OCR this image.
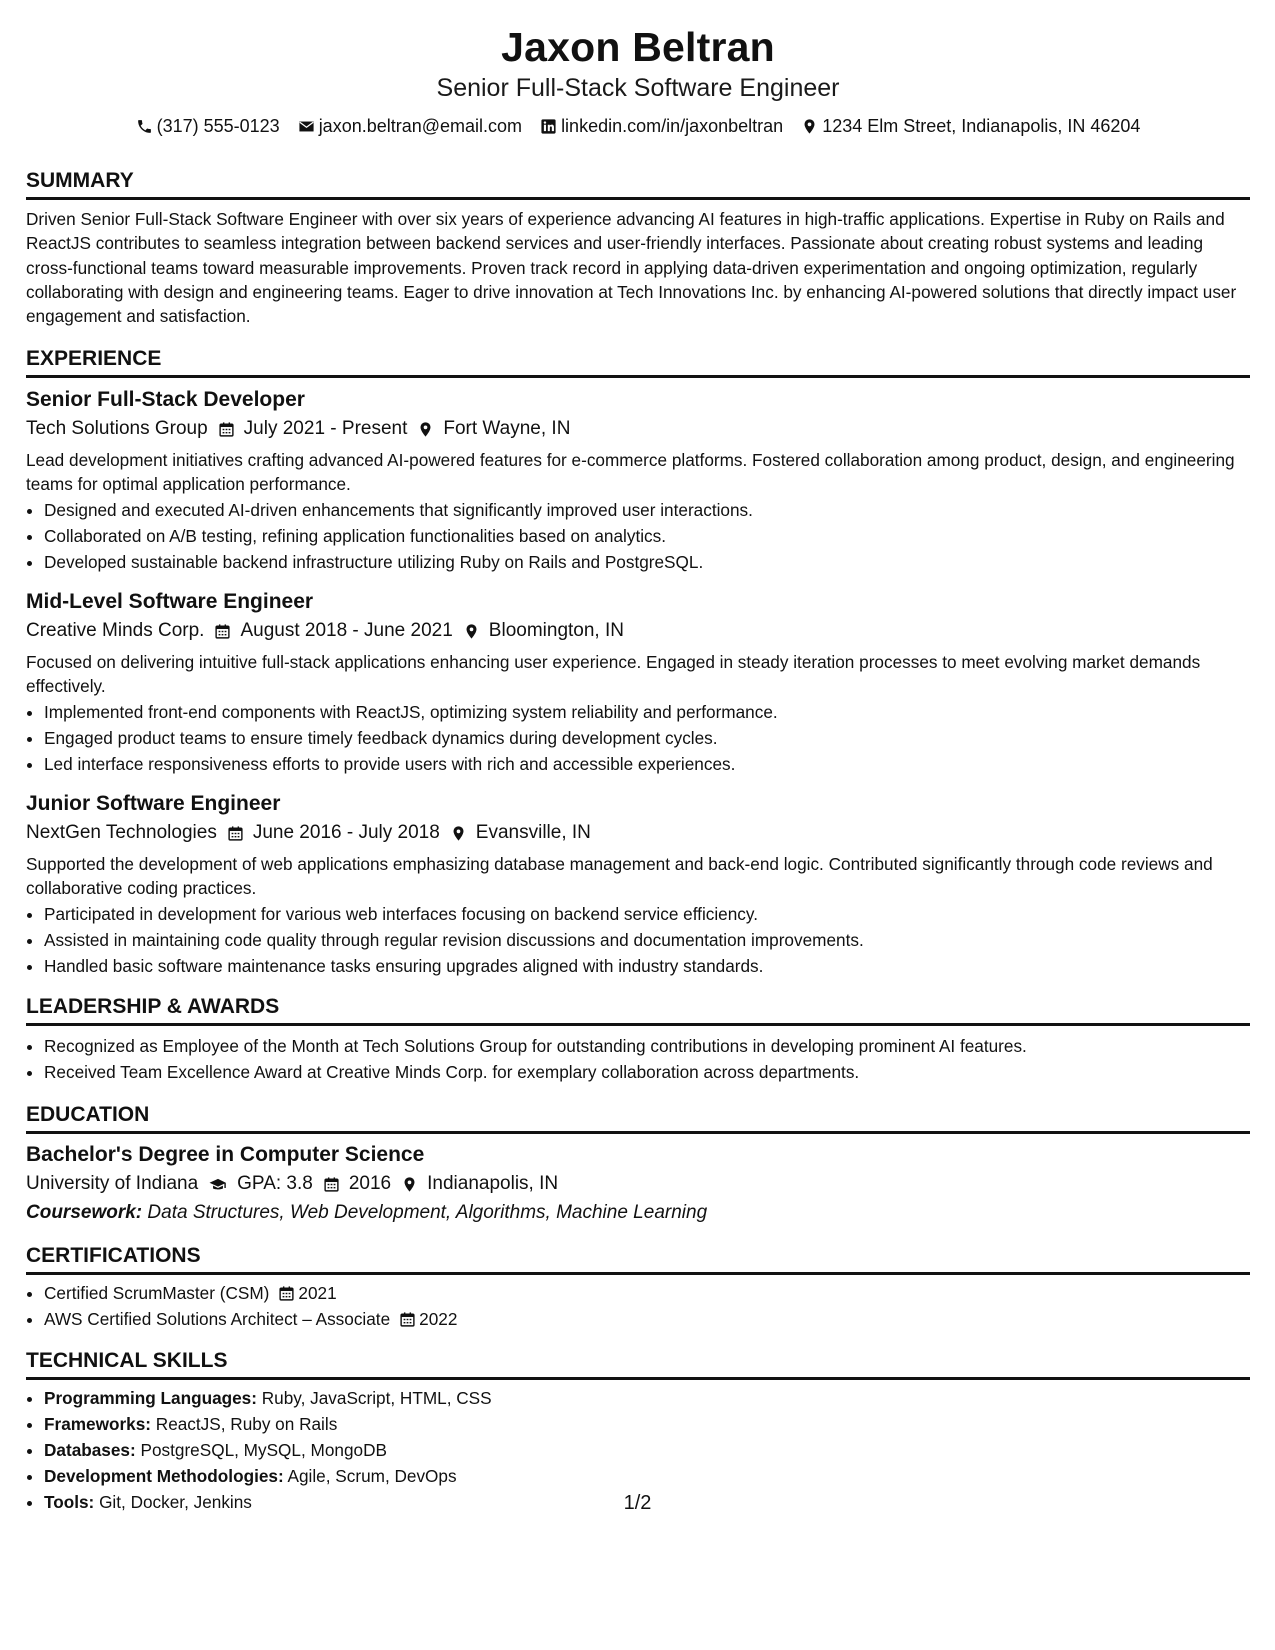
Jaxon Beltran
Senior Full-Stack Software Engineer
(317) 555-0123 jaxon.beltran@email.com linkedin.com/in/jaxonbeltran 1234 Elm Street, Indianapolis, IN 46204
SUMMARY
Driven Senior Full-Stack Software Engineer with over six years of experience advancing AI features in high-traffic applications. Expertise in Ruby on Rails and ReactJS contributes to seamless integration between backend services and user-friendly interfaces. Passionate about creating robust systems and leading cross-functional teams toward measurable improvements. Proven track record in applying data-driven experimentation and ongoing optimization, regularly collaborating with design and engineering teams. Eager to drive innovation at Tech Innovations Inc. by enhancing AI-powered solutions that directly impact user engagement and satisfaction.
EXPERIENCE
Senior Full-Stack Developer
Tech Solutions Group July 2021 - Present Fort Wayne, IN
Lead development initiatives crafting advanced AI-powered features for e-commerce platforms. Fostered collaboration among product, design, and engineering teams for optimal application performance.
• Designed and executed AI-driven enhancements that significantly improved user interactions.
• Collaborated on A/B testing, refining application functionalities based on analytics.
• Developed sustainable backend infrastructure utilizing Ruby on Rails and PostgreSQL.
Mid-Level Software Engineer
Creative Minds Corp. August 2018 - June 2021 Bloomington, IN
Focused on delivering intuitive full-stack applications enhancing user experience. Engaged in steady iteration processes to meet evolving market demands effectively.
• Implemented front-end components with ReactJS, optimizing system reliability and performance.
• Engaged product teams to ensure timely feedback dynamics during development cycles.
• Led interface responsiveness efforts to provide users with rich and accessible experiences.
Junior Software Engineer
NextGen Technologies June 2016 - July 2018 Evansville, IN
Supported the development of web applications emphasizing database management and back-end logic. Contributed significantly through code reviews and collaborative coding practices.
• Participated in development for various web interfaces focusing on backend service efficiency.
• Assisted in maintaining code quality through regular revision discussions and documentation improvements.
• Handled basic software maintenance tasks ensuring upgrades aligned with industry standards.
LEADERSHIP & AWARDS
• Recognized as Employee of the Month at Tech Solutions Group for outstanding contributions in developing prominent AI features.
• Received Team Excellence Award at Creative Minds Corp. for exemplary collaboration across departments.
EDUCATION
Bachelor's Degree in Computer Science
University of Indiana GPA: 3.8 2016 Indianapolis, IN
Coursework: Data Structures, Web Development, Algorithms, Machine Learning
CERTIFICATIONS
• Certified ScrumMaster (CSM) 2021
• AWS Certified Solutions Architect – Associate 2022
TECHNICAL SKILLS
• Programming Languages: Ruby, JavaScript, HTML, CSS
• Frameworks: ReactJS, Ruby on Rails
• Databases: PostgreSQL, MySQL, MongoDB
• Development Methodologies: Agile, Scrum, DevOps
• Tools: Git, Docker, Jenkins	1/2
